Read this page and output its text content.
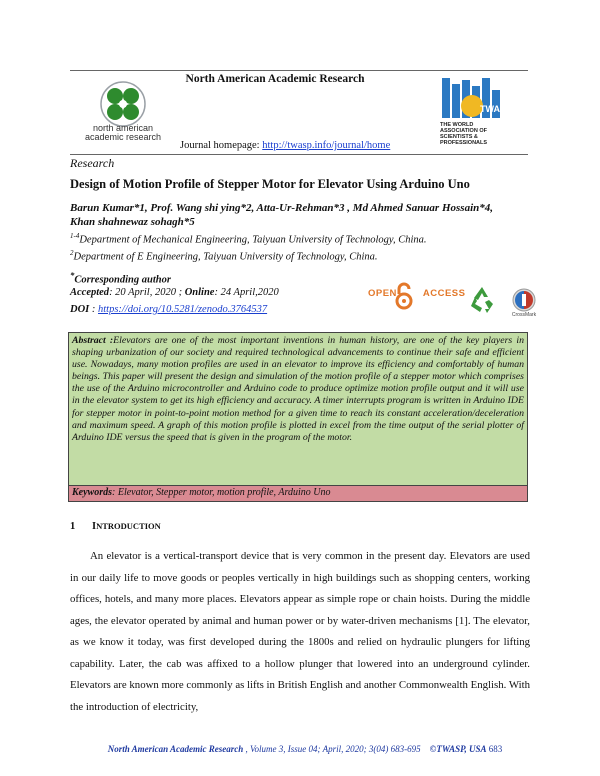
north american
academic research
North American Academic Research
Journal homepage: http://twasp.info/journal/home
TWASP
THE WORLD ASSOCIATION OF SCIENTISTS & PROFESSIONALS
Research
Design of Motion Profile of Stepper Motor for Elevator Using Arduino Uno
Barun Kumar*1, Prof. Wang shi ying*2, Atta-Ur-Rehman*3 , Md Ahmed Sanuar Hossain*4,
Khan shahnewaz sohagh*5
$^{1-4}$Department of Mechanical Engineering, Taiyuan University of Technology, China.
$^2$Department of E Engineering, Taiyuan University of Technology, China.
*Corresponding author
Accepted: 20 April, 2020 ; Online: 24 April,2020
DOI : https://doi.org/10.5281/zenodo.3764537
OPEN	ACCESS
CrossMark
Abstract :Elevators are one of the most important inventions in human history, are one of the key players in shaping urbanization of our society and required technological advancements to continue their safe and efficient use. Nowadays, many motion profiles are used in an elevator to improve its efficiency and comfortably of human beings. This paper will present the design and simulation of the motion profile of a stepper motor which comprises the use of the Arduino microcontroller and Arduino code to produce optimize motion profile output and it will use in the elevator system to get its high efficiency and accuracy. A timer interrupts program is written in Arduino IDE for stepper motor in point-to-point motion method for a given time to reach its constant acceleration/deceleration and maximum speed. A graph of this motion profile is plotted in excel from the time output of the serial plotter of Arduino IDE versus the speed that is given in the program of the motor.
Keywords: Elevator, Stepper motor, motion profile, Arduino Uno
1 INTRODUCTION

An elevator is a vertical-transport device that is very common in the present day. Elevators are used in our daily life to move goods or peoples vertically in high buildings such as shopping centers, working offices, hotels, and many more places. Elevators appear as simple rope or chain hoists. During the middle ages, the elevator operated by animal and human power or by water-driven mechanisms [1]. The elevator, as we know it today, was first developed during the 1800s and relied on hydraulic plungers for lifting capability. Later, the cab was affixed to a hollow plunger that lowered into an underground cylinder. Elevators are known more commonly as lifts in British English and another Commonwealth English. With the introduction of electricity,

North American Academic Research , Volume 3, Issue 04; April, 2020; 3(04) 683-695 ©TWASP, USA 683
